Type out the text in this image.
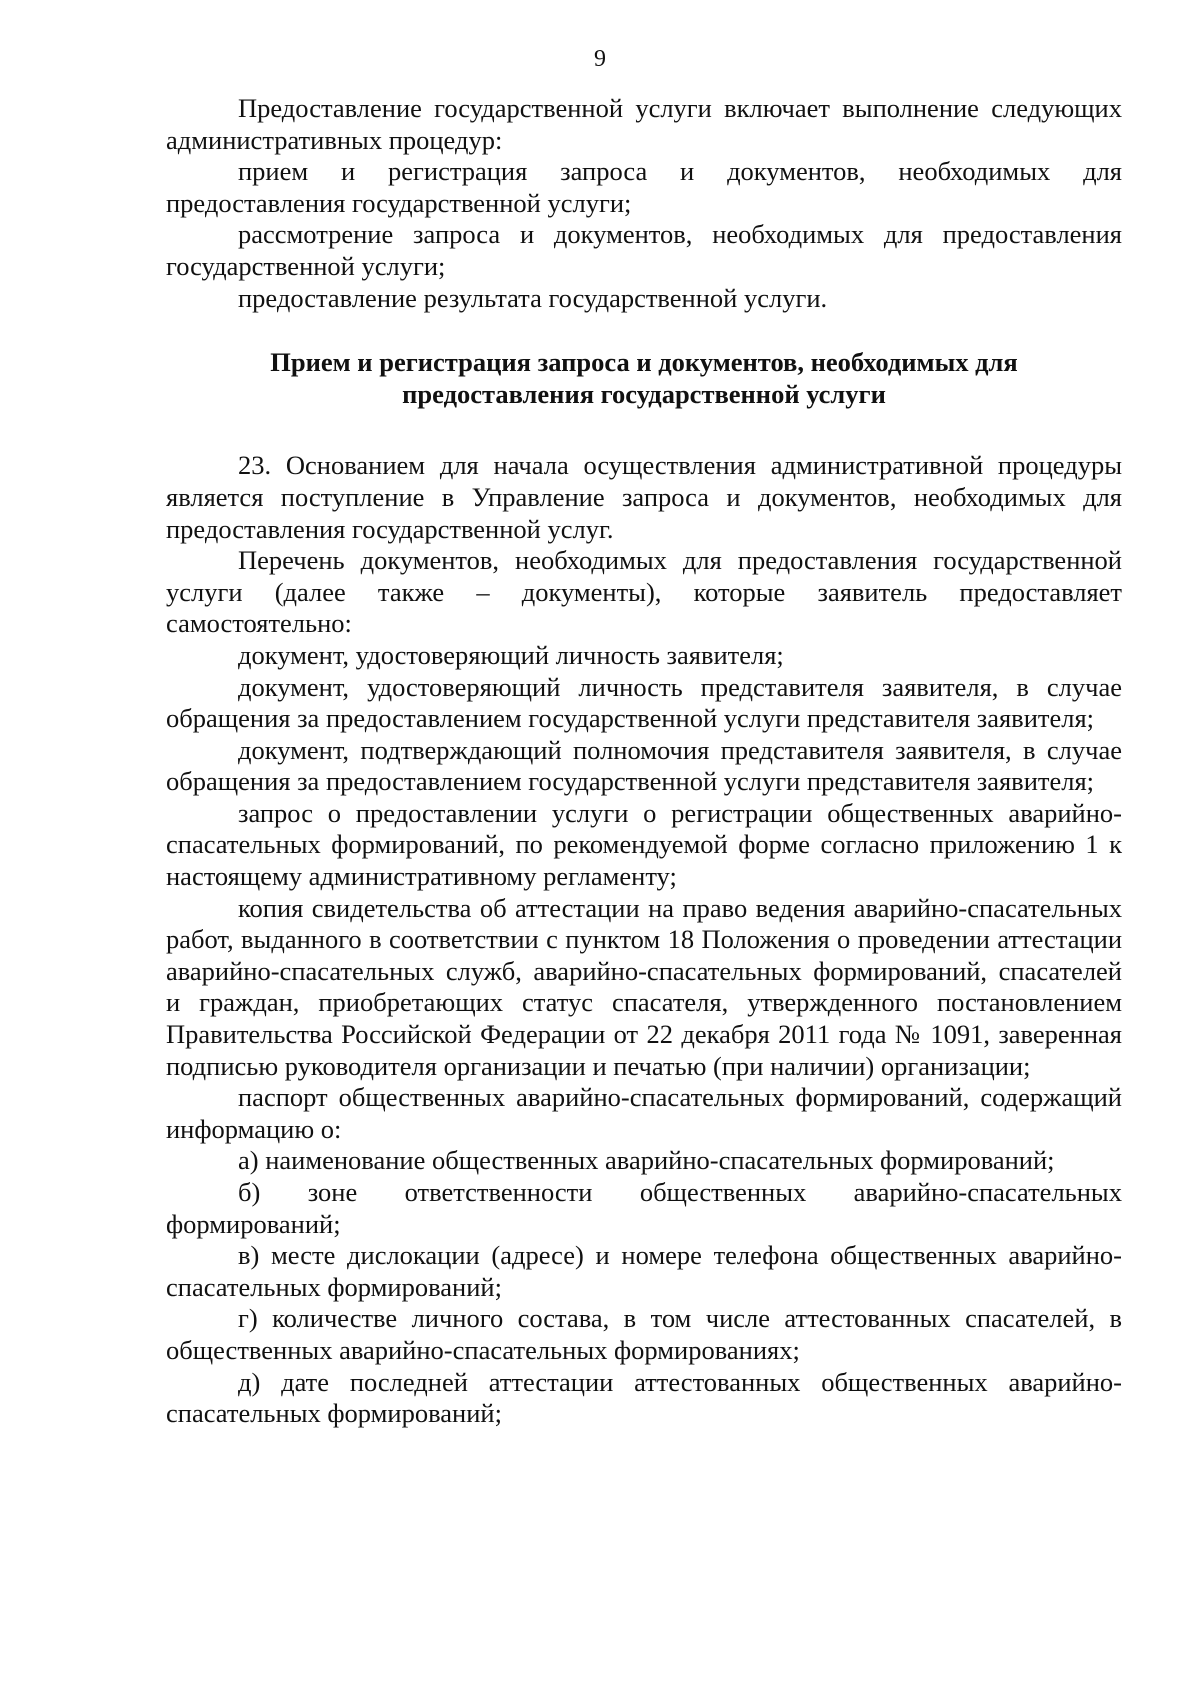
9

Предоставление государственной услуги включает выполнение следующих административных процедур:

прием и регистрация запроса и документов, необходимых для предоставления государственной услуги;

рассмотрение запроса и документов, необходимых для предоставления государственной услуги;

предоставление результата государственной услуги.

Прием и регистрация запроса и документов, необходимых для предоставления государственной услуги

23. Основанием для начала осуществления административной процедуры является поступление в Управление запроса и документов, необходимых для предоставления государственной услуг.

Перечень документов, необходимых для предоставления государственной услуги (далее также – документы), которые заявитель предоставляет самостоятельно:

документ, удостоверяющий личность заявителя;

документ, удостоверяющий личность представителя заявителя, в случае обращения за предоставлением государственной услуги представителя заявителя;

документ, подтверждающий полномочия представителя заявителя, в случае обращения за предоставлением государственной услуги представителя заявителя;

запрос о предоставлении услуги о регистрации общественных аварийно-спасательных формирований, по рекомендуемой форме согласно приложению 1 к настоящему административному регламенту;

копия свидетельства об аттестации на право ведения аварийно-спасательных работ, выданного в соответствии с пунктом 18 Положения о проведении аттестации аварийно-спасательных служб, аварийно-спасательных формирований, спасателей и граждан, приобретающих статус спасателя, утвержденного постановлением Правительства Российской Федерации от 22 декабря 2011 года № 1091, заверенная подписью руководителя организации и печатью (при наличии) организации;

паспорт общественных аварийно-спасательных формирований, содержащий информацию о:

а) наименование общественных аварийно-спасательных формирований;

б) зоне ответственности общественных аварийно-спасательных формирований;

в) месте дислокации (адресе) и номере телефона общественных аварийно-спасательных формирований;

г) количестве личного состава, в том числе аттестованных спасателей, в общественных аварийно-спасательных формированиях;

д) дате последней аттестации аттестованных общественных аварийно-спасательных формирований;
